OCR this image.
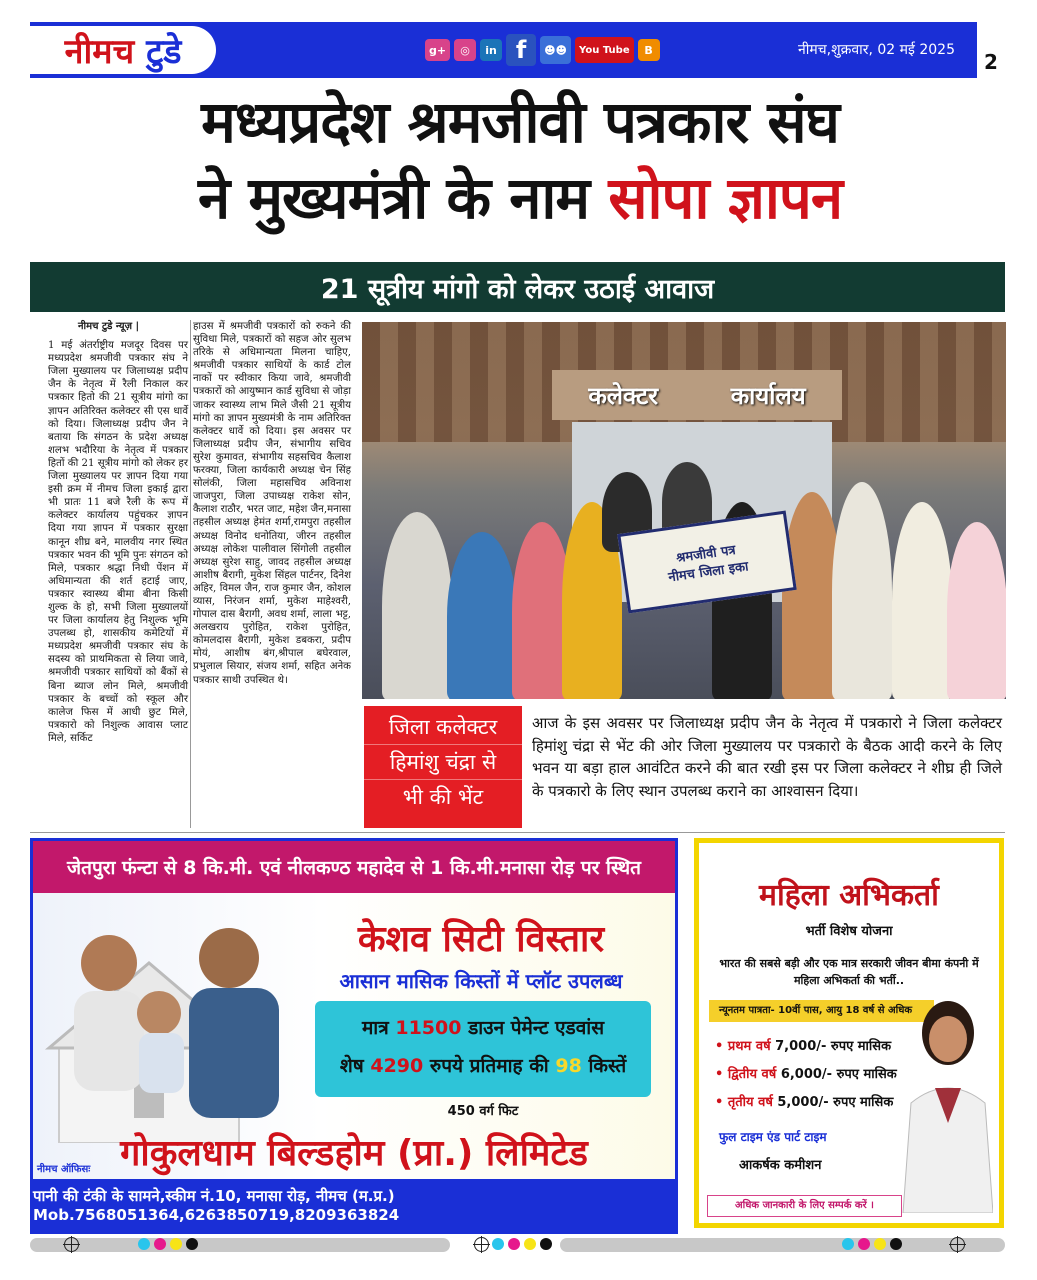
नीमच
टुडे	g+	◎	in f	☻☻	You Tube	B	नीमच,शुक्रवार, 02 मई 2025	2
मध्यप्रदेश श्रमजीवी पत्रकार संघ
ने मुख्यमंत्री के नाम सोपा ज्ञापन
21 सूत्रीय मांगो को लेकर उठाई आवाज
नीमच टुडे न्यूज़ |
1 मई अंतर्राष्ट्रीय मजदूर दिवस पर मध्यप्रदेश श्रमजीवी पत्रकार संघ ने जिला मुख्यालय पर जिलाध्यक्ष प्रदीप जैन के नेतृत्व में रैली निकाल कर पत्रकार हितो की 21 सूत्रीय मांगो का ज्ञापन अतिरिक्त कलेक्टर सी एस धार्वे को दिया। जिलाध्यक्ष प्रदीप जैन ने बताया कि संगठन के प्रदेश अध्यक्ष शलभ भदौरिया के नेतृत्व में पत्रकार हितों की 21 सूत्रीय मांगो को लेकर हर जिला मुख्यालय पर ज्ञापन दिया गया इसी क्रम में नीमच जिला इकाई द्वारा भी प्रातः 11 बजे रैली के रूप में कलेक्टर कार्यालय पहुंचकर ज्ञापन दिया गया ज्ञापन में पत्रकार सुरक्षा कानून शीघ्र बने, मालवीय नगर स्थित पत्रकार भवन की भूमि पुनः संगठन को मिले, पत्रकार श्रद्धा निधी पेंशन में अधिमान्यता की शर्त हटाई जाए, पत्रकार स्वास्थ्य बीमा बीना किसी शुल्क के हो, सभी जिला मुख्यालयों पर जिला कार्यालय हेतु निशुल्क भूमि उपलब्ध हो, शासकीय कमेटियों में मध्यप्रदेश श्रमजीवी पत्रकार संघ के सदस्य को प्राथमिकता से लिया जावे, श्रमजीवी पत्रकार साथियों को बैंकों से बिना ब्याज लोन मिले, श्रमजीवी पत्रकार के बच्चों को स्कूल और कालेज फिस में आधी छुट मिले, पत्रकारो को निशुल्क आवास प्लाट मिले, सर्किट
हाउस में श्रमजीवी पत्रकारों को रुकने की सुविधा मिले, पत्रकारों को सहज ओर सुलभ तरिके से अधिमान्यता मिलना चाहिए, श्रमजीवी पत्रकार साथियों के कार्ड टोल नाकों पर स्वीकार किया जावे, श्रमजीवी पत्रकारों को आयुष्मान कार्ड सुविधा से जोड़ा जाकर स्वास्थ्य लाभ मिले जैसी 21 सूत्रीय मांगो का ज्ञापन मुख्यमंत्री के नाम अतिरिक्त कलेक्टर धार्वे को दिया। इस अवसर पर जिलाध्यक्ष प्रदीप जैन, संभागीय सचिव सुरेश कुमावत, संभागीय सहसचिव कैलाश फरक्या, जिला कार्यकारी अध्यक्ष चेन सिंह सोलंकी, जिला महासचिव अविनाश जाजपुरा, जिला उपाध्यक्ष राकेश सोन, कैलाश राठौर, भरत जाट, महेश जैन,मनासा तहसील अध्यक्ष हेमंत शर्मा,रामपुरा तहसील अध्यक्ष विनोद धनोतिया, जीरन तहसील अध्यक्ष लोकेश पालीवाल सिंगोली तहसील अध्यक्ष सुरेश साहु, जावद तहसील अध्यक्ष आशीष बैरागी, मुकेश सिंहल पार्टनर, दिनेश अहिर, विमल जैन, राज कुमार जैन, कोशल व्यास, निरंजन शर्मा, मुकेश माहेश्वरी, गोपाल दास बैरागी, अवध शर्मा, लाला भट्ट, अलखराय पुरोहित, राकेश पुरोहित, कोमलदास बैरागी, मुकेश डबकरा, प्रदीप मोयं, आशीष बंग,श्रीपाल बघेरवाल, प्रभुलाल सियार, संजय शर्मा, सहित अनेक पत्रकार साथी उपस्थित थे।
कलेक्टर	कार्यालय
श्रमजीवी पत्र
नीमच जिला इका
जिला कलेक्टर
हिमांशु चंद्रा से
भी की भेंट
आज के इस अवसर पर जिलाध्यक्ष प्रदीप जैन के नेतृत्व में पत्रकारो ने जिला कलेक्टर हिमांशु चंद्रा से भेंट की ओर जिला मुख्यालय पर पत्रकारो के बैठक आदी करने के लिए भवन या बड़ा हाल आवंटित करने की बात रखी इस पर जिला कलेक्टर ने शीघ्र ही जिले के पत्रकारो के लिए स्थान उपलब्ध कराने का आश्वासन दिया।
जेतपुरा फंन्टा से 8 कि.मी. एवं नीलकण्ठ महादेव से 1 कि.मी.मनासा रोड़ पर स्थित
केशव सिटी विस्तार
आसान मासिक किस्तों में प्लॉट उपलब्ध
मात्र 11500 डाउन पेमेन्ट एडवांस
शेष 4290 रुपये प्रतिमाह की 98 किस्तें
450 वर्ग फिट
नीमच ऑफिसः गोकुलधाम बिल्डहोम (प्रा.) लिमिटेड
पानी की टंकी के सामने,स्कीम नं.10, मनासा रोड़, नीमच (म.प्र.) Mob.7568051364,6263850719,8209363824
महिला अभिकर्ता
भर्ती विशेष योजना
भारत की सबसे बड़ी और एक मात्र सरकारी जीवन बीमा कंपनी में महिला अभिकर्ता की भर्ती..
न्यूनतम पात्रता- 10वीं पास, आयु 18 वर्ष से अधिक
• प्रथम वर्ष 7,000/- रुपए मासिक
• द्वितीय वर्ष 6,000/- रुपए मासिक
• तृतीय वर्ष 5,000/- रुपए मासिक
फुल टाइम एंड पार्ट टाइम
आकर्षक कमीशन
अधिक जानकारी के लिए सम्पर्क करें ।
